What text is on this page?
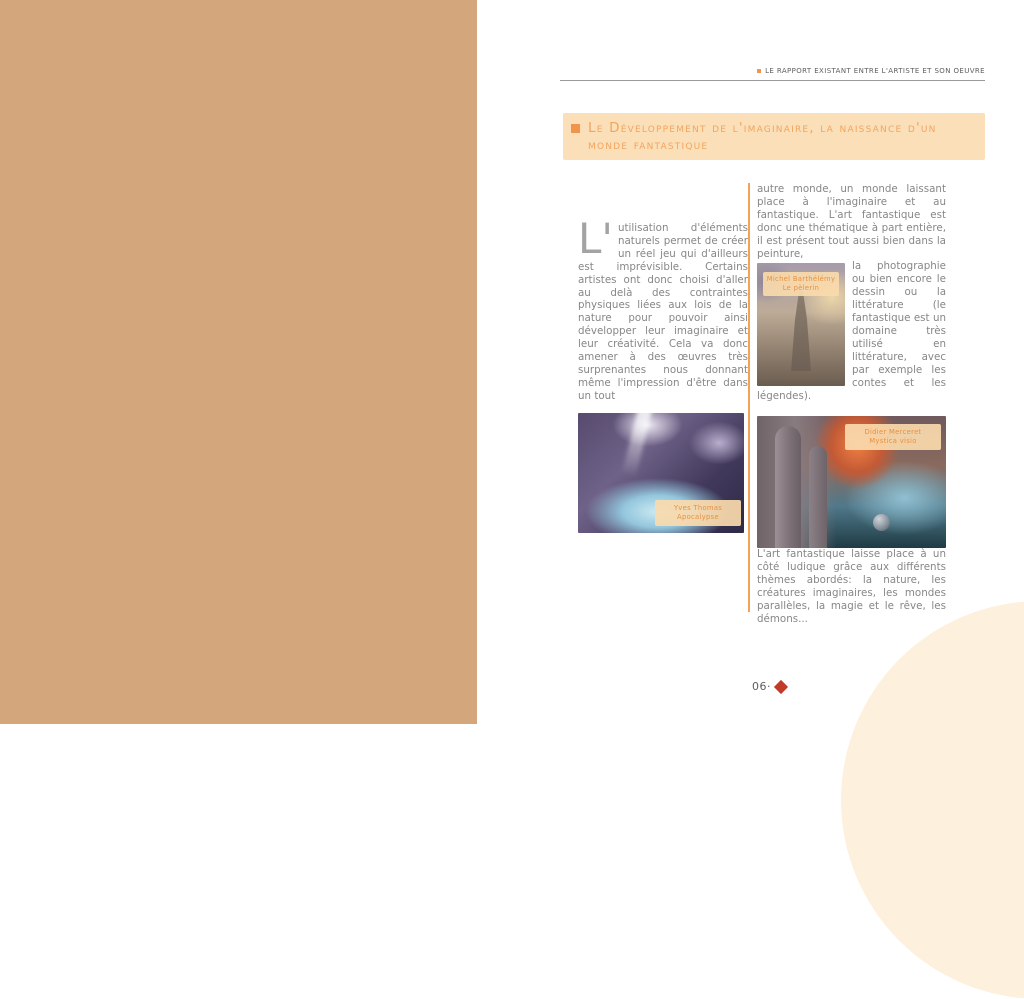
LE RAPPORT EXISTANT ENTRE L'ARTISTE ET SON OEUVRE
Le Développement de l'imaginaire, la naissance d'un monde fantastique

L' utilisation d'éléments naturels permet de créer un réel jeu qui d'ailleurs est imprévisible. Certains artistes ont donc choisi d'aller au delà des contraintes physiques liées aux lois de la nature pour pouvoir ainsi développer leur imaginaire et leur créativité. Cela va donc amener à des œuvres très surprenantes nous donnant même l'impression d'être dans un tout

Yves Thomas
Apocalypse

autre monde, un monde laissant place à l'imaginaire et au fantastique. L'art fantastique est donc une thématique à part entière, il est présent tout aussi bien dans la peinture,

Michel Barthélémy
Le pèlerin

la photographie ou bien encore le dessin ou la littérature (le fantastique est un domaine très utilisé en littérature, avec par exemple les contes et les légendes).

Didier Merceret
Mystica visio

L'art fantastique laisse place à un côté ludique grâce aux différents thèmes abordés: la nature, les créatures imaginaires, les mondes parallèles, la magie et le rêve, les démons...

06·
